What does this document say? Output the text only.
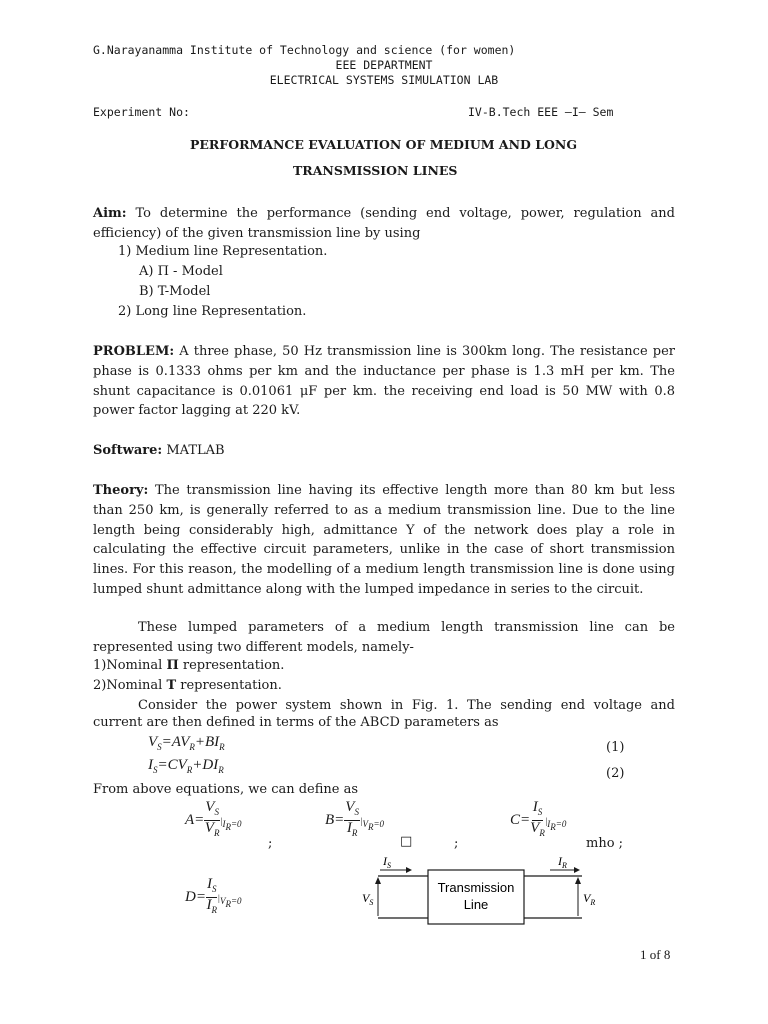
G.Narayanamma Institute of Technology and science (for women)
EEE DEPARTMENT
ELECTRICAL SYSTEMS SIMULATION LAB
Experiment No:	IV-B.Tech EEE –I– Sem
PERFORMANCE EVALUATION OF MEDIUM AND LONG
TRANSMISSION LINES
Aim: To determine the performance (sending end voltage, power, regulation and efficiency) of the given transmission line by using
1) Medium line Representation.
A) Π - Model
B) T-Model
2) Long line Representation.
PROBLEM: A three phase, 50 Hz transmission line is 300km long. The resistance per phase is 0.1333 ohms per km and the inductance per phase is 1.3 mH per km. The shunt capacitance is 0.01061 μF per km. the receiving end load is 50 MW with 0.8 power factor lagging at 220 kV.
Software: MATLAB
Theory: The transmission line having its effective length more than 80 km but less than 250 km, is generally referred to as a medium transmission line. Due to the line length being considerably high, admittance Y of the network does play a role in calculating the effective circuit parameters, unlike in the case of short transmission lines. For this reason, the modelling of a medium length transmission line is done using lumped shunt admittance along with the lumped impedance in series to the circuit.
These lumped parameters of a medium length transmission line can be represented using two different models, namely-
1)Nominal Π representation.
2)Nominal T representation.
Consider the power system shown in Fig. 1. The sending end voltage and current are then defined in terms of the ABCD parameters as
$V_S=AV_R+BI_R$	(1)
$I_S=CV_R+DI_R$	(2)
From above equations, we can define as
$A= \frac{V_S}{V_R} |_{I_R=0}$
;
$B= \frac{V_S}{I_R} |_{V_R=0}$
□	;
$C= \frac{I_S}{V_R} |_{I_R=0}$
mho ;
$D= \frac{I_S}{I_R} |_{V_R=0}$
$I_S$	$I_R$
$V_S$	$V_R$
Transmission
Line
1 of 8
